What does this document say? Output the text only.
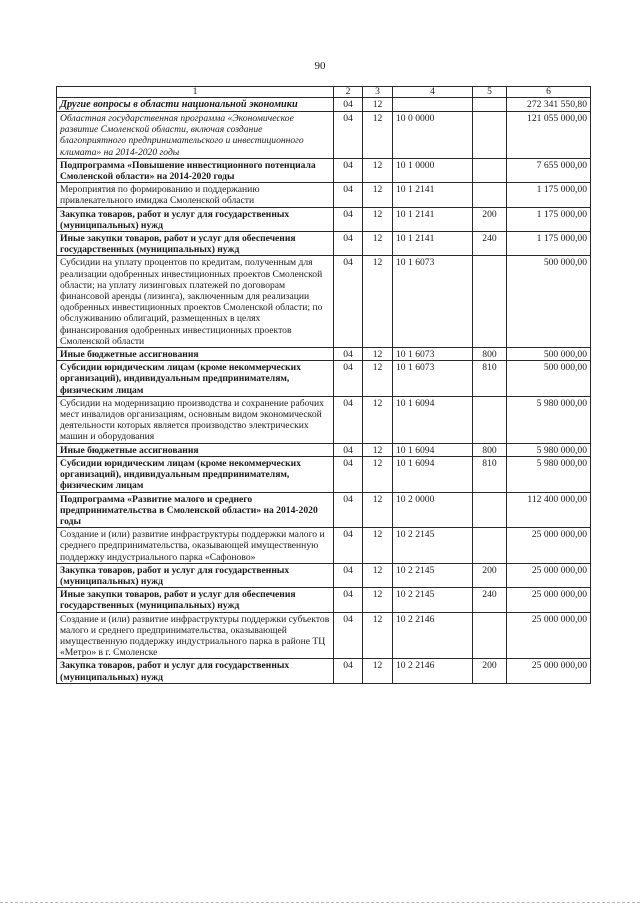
90
1	2	3	4	5	6
Другие вопросы в области национальной экономики	04	12			272 341 550,80
Областная государственная программа «Экономическое развитие Смоленской области, включая создание благоприятного предпринимательского и инвестиционного климата» на 2014-2020 годы	04	12	10 0 0000		121 055 000,00
Подпрограмма «Повышение инвестиционного потенциала Смоленской области» на 2014-2020 годы	04	12	10 1 0000		7 655 000,00
Мероприятия по формированию и поддержанию привлекательного имиджа Смоленской области	04	12	10 1 2141		1 175 000,00
Закупка товаров, работ и услуг для государственных (муниципальных) нужд	04	12	10 1 2141	200	1 175 000,00
Иные закупки товаров, работ и услуг для обеспечения государственных (муниципальных) нужд	04	12	10 1 2141	240	1 175 000,00
Субсидии на уплату процентов по кредитам, полученным для реализации одобренных инвестиционных проектов Смоленской области; на уплату лизинговых платежей по договорам финансовой аренды (лизинга), заключенным для реализации одобренных инвестиционных проектов Смоленской области; по обслуживанию облигаций, размещенных в целях финансирования одобренных инвестиционных проектов Смоленской области	04	12	10 1 6073		500 000,00
Иные бюджетные ассигнования	04	12	10 1 6073	800	500 000,00
Субсидии юридическим лицам (кроме некоммерческих организаций), индивидуальным предпринимателям, физическим лицам	04	12	10 1 6073	810	500 000,00
Субсидии на модернизацию производства и сохранение рабочих мест инвалидов организациям, основным видом экономической деятельности которых является производство электрических машин и оборудования	04	12	10 1 6094		5 980 000,00
Иные бюджетные ассигнования	04	12	10 1 6094	800	5 980 000,00
Субсидии юридическим лицам (кроме некоммерческих организаций), индивидуальным предпринимателям, физическим лицам	04	12	10 1 6094	810	5 980 000,00
Подпрограмма «Развитие малого и среднего предпринимательства в Смоленской области» на 2014-2020 годы	04	12	10 2 0000		112 400 000,00
Создание и (или) развитие инфраструктуры поддержки малого и среднего предпринимательства, оказывающей имущественную поддержку индустриального парка «Сафоново»	04	12	10 2 2145		25 000 000,00
Закупка товаров, работ и услуг для государственных (муниципальных) нужд	04	12	10 2 2145	200	25 000 000,00
Иные закупки товаров, работ и услуг для обеспечения государственных (муниципальных) нужд	04	12	10 2 2145	240	25 000 000,00
Создание и (или) развитие инфраструктуры поддержки субъектов малого и среднего предпринимательства, оказывающей имущественную поддержку индустриального парка в районе ТЦ «Метро» в г. Смоленске	04	12	10 2 2146		25 000 000,00
Закупка товаров, работ и услуг для государственных (муниципальных) нужд	04	12	10 2 2146	200	25 000 000,00
